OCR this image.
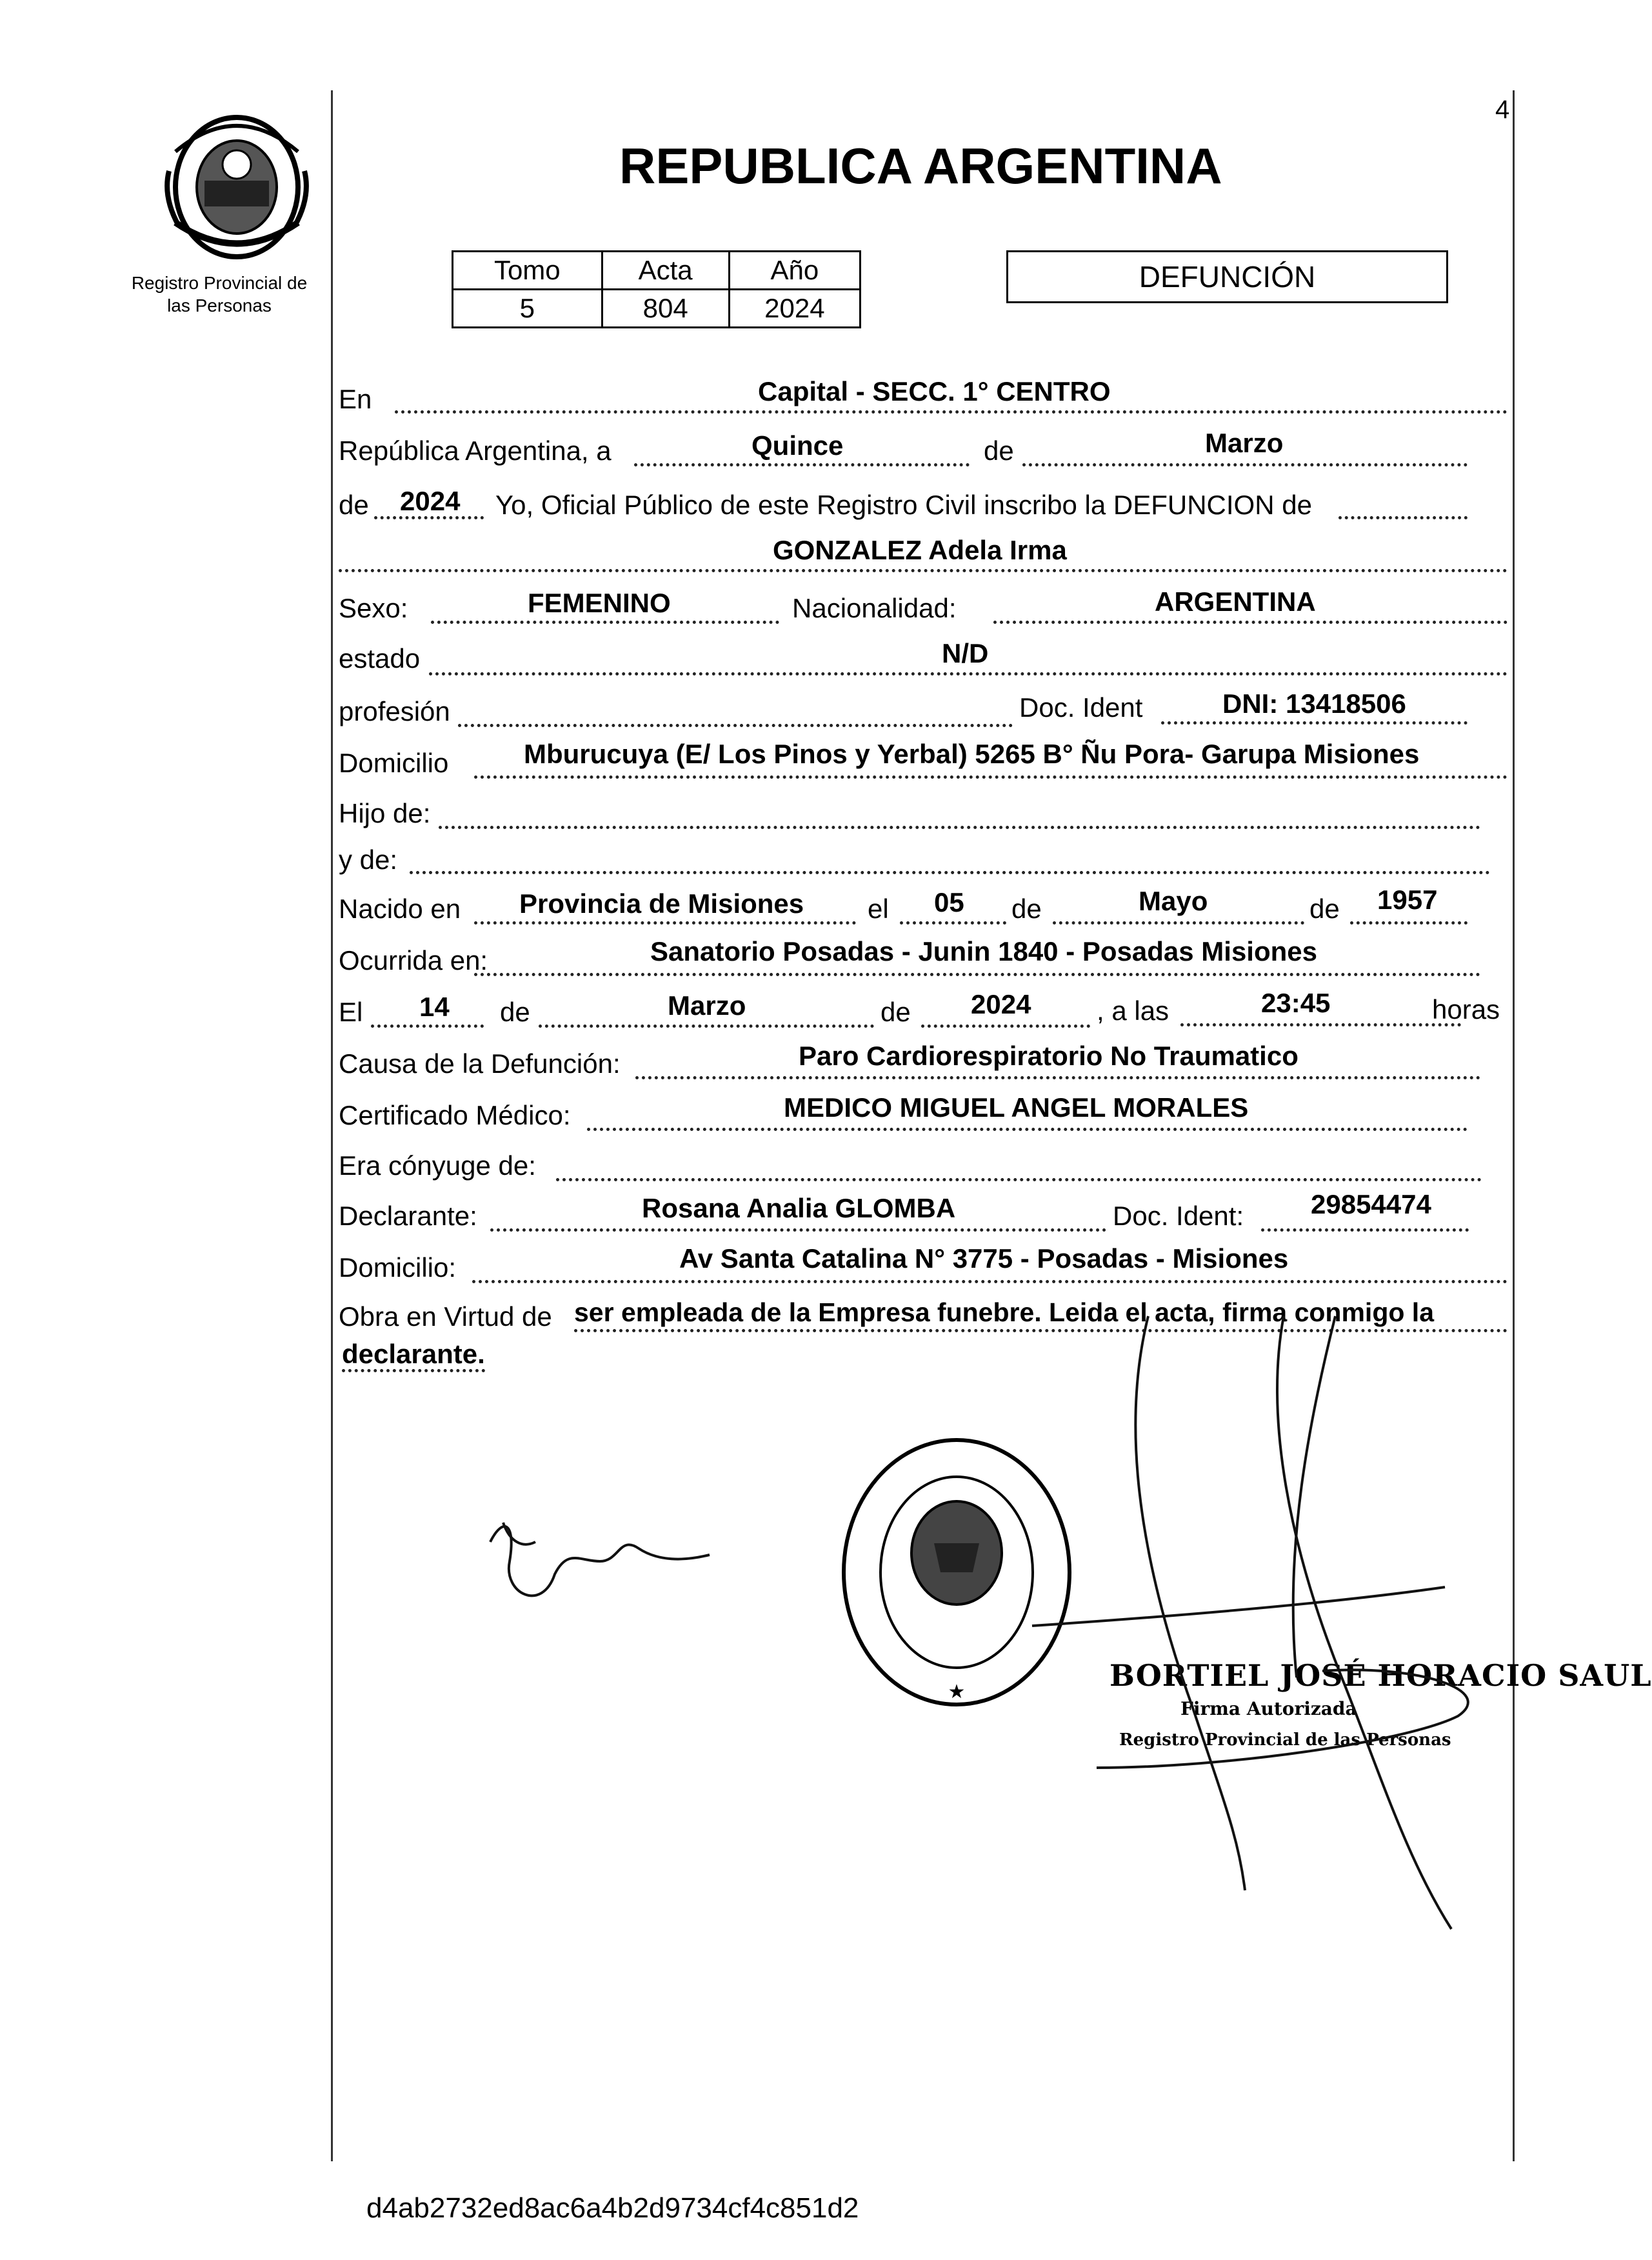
4
Registro Provincial de
las Personas
REPUBLICA ARGENTINA
Tomo	Acta	Año
5	804	2024
DEFUNCIÓN
En	Capital - SECC. 1° CENTRO
República Argentina, a	Quince	de	Marzo
de 2024 Yo, Oficial Público de este Registro Civil inscribo la DEFUNCION de
GONZALEZ Adela Irma
Sexo:	FEMENINO	Nacionalidad:	ARGENTINA
estado	N/D
profesión	Doc. Ident	DNI: 13418506
Domicilio	Mburucuya (E/ Los Pinos y Yerbal) 5265 B° Ñu Pora- Garupa Misiones
Hijo de:
y de:
Nacido en Provincia de Misiones el 05 de	Mayo	de 1957
Ocurrida en:	Sanatorio Posadas - Junin 1840 - Posadas Misiones
El 14 de	Marzo	de 2024 , a las	23:45	horas
Causa de la Defunción:	Paro Cardiorespiratorio No Traumatico
Certificado Médico:	MEDICO MIGUEL ANGEL MORALES
Era cónyuge de:
Declarante:	Rosana Analia GLOMBA	Doc. Ident: 29854474
Domicilio:	Av Santa Catalina N° 3775 - Posadas - Misiones
Obra en Virtud de ser empleada de la Empresa funebre. Leida el acta, firma conmigo la
declarante.
★	BORTIEL JOSÉ HORACIO SAUL
Firma Autorizada
Registro Provincial de las Personas
d4ab2732ed8ac6a4b2d9734cf4c851d2
